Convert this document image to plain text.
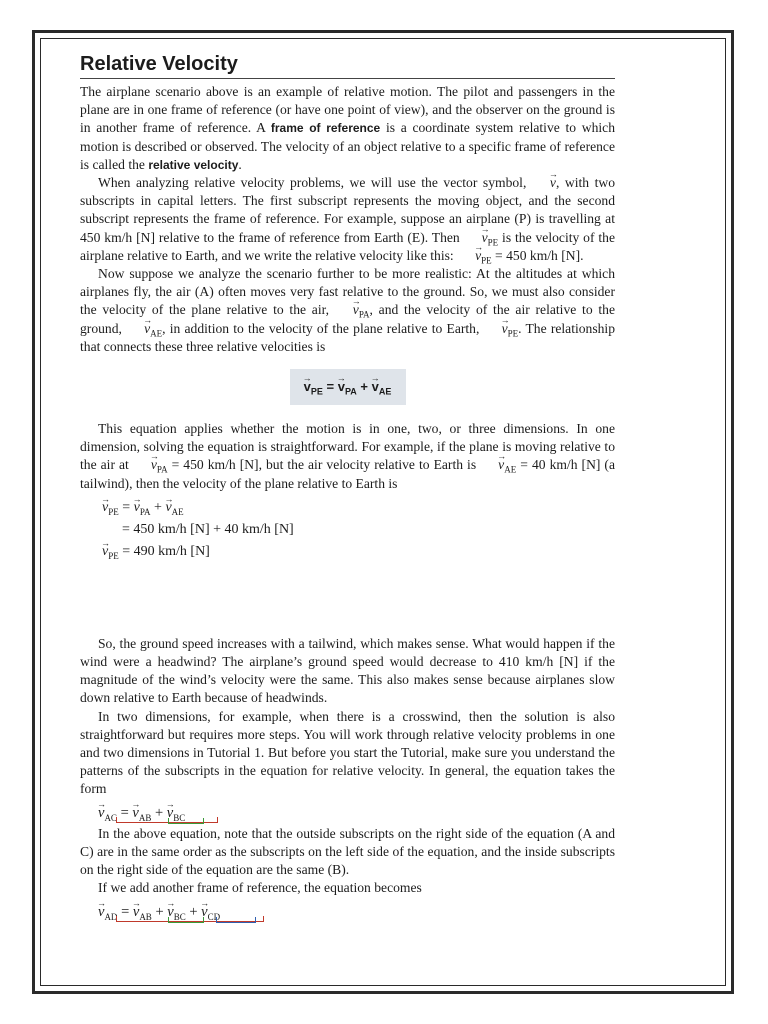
Relative Velocity

The airplane scenario above is an example of relative motion. The pilot and passengers in the plane are in one frame of reference (or have one point of view), and the observer on the ground is in another frame of reference. A frame of reference is a coordinate system relative to which motion is described or observed. The velocity of an object relative to a specific frame of reference is called the relative velocity.

When analyzing relative velocity problems, we will use the vector symbol, → v, with two subscripts in capital letters. The first subscript represents the moving object, and the second subscript represents the frame of reference. For example, suppose an airplane (P) is travelling at 450 km/h [N] relative to the frame of reference from Earth (E). Then → $v_{PE}$ is the velocity of the airplane relative to Earth, and we write the relative velocity like this: → $v_{PE} = 450$ km/h [N].

Now suppose we analyze the scenario further to be more realistic: At the altitudes at which airplanes fly, the air (A) often moves very fast relative to the ground. So, we must also consider the velocity of the plane relative to the air, → $v_{PA}$, and the velocity of the air relative to the ground, → $v_{AE}$, in addition to the velocity of the plane relative to Earth, → $v_{PE}$. The relationship that connects these three relative velocities is

→ $v_{PE}$ = → $v_{PA}$ + → $v_{AE}$

This equation applies whether the motion is in one, two, or three dimensions. In one dimension, solving the equation is straightforward. For example, if the plane is moving relative to the air at → $v_{PA} = 450$ km/h [N], but the air velocity relative to Earth is → $v_{AE} = 40$ km/h [N] (a tailwind), then the velocity of the plane relative to Earth is

→ $v_{PE}$ = → $v_{PA}$ + → $v_{AE}$
= 450 km/h [N] + 40 km/h [N]
→ $v_{PE} = 490$ km/h [N]

So, the ground speed increases with a tailwind, which makes sense. What would happen if the wind were a headwind? The airplane’s ground speed would decrease to 410 km/h [N] if the magnitude of the wind’s velocity were the same. This also makes sense because airplanes slow down relative to Earth because of headwinds.

In two dimensions, for example, when there is a crosswind, then the solution is also straightforward but requires more steps. You will work through relative velocity problems in one and two dimensions in Tutorial 1. But before you start the Tutorial, make sure you understand the patterns of the subscripts in the equation for relative velocity. In general, the equation takes the form

→ $v_{AC}$ = → $v_{AB}$ + → $v_{BC}$

In the above equation, note that the outside subscripts on the right side of the equation (A and C) are in the same order as the subscripts on the left side of the equation, and the inside subscripts on the right side of the equation are the same (B).

If we add another frame of reference, the equation becomes

→ $v_{AD}$ = → $v_{AB}$ + → $v_{BC}$ + → $v_{CD}$
